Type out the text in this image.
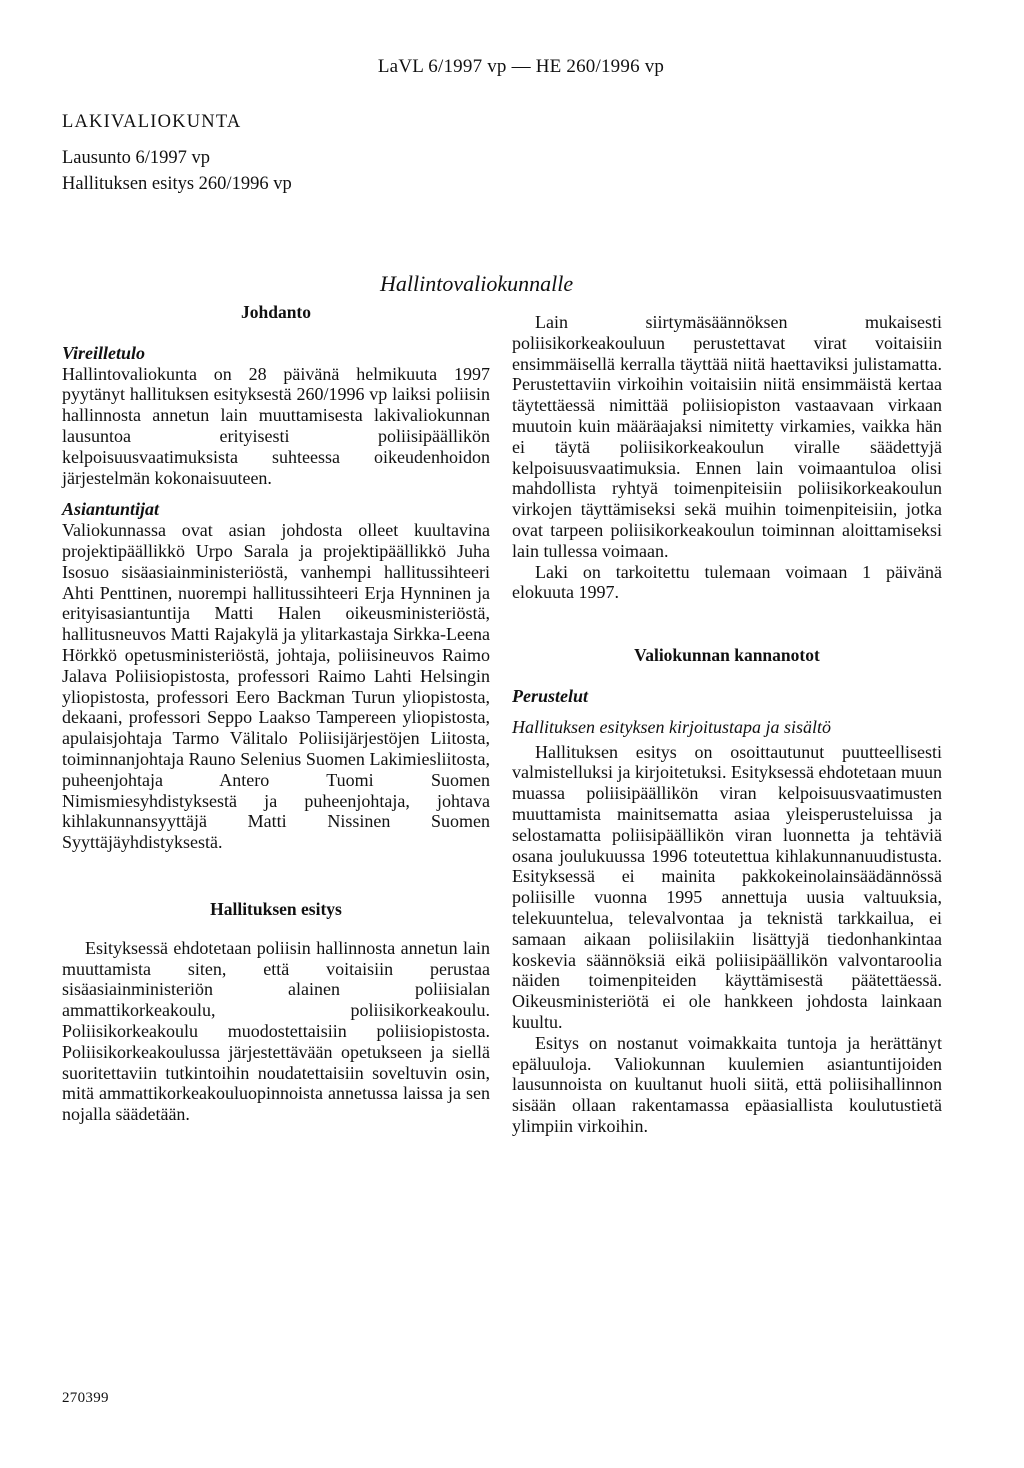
LaVL 6/1997 vp — HE 260/1996 vp
LAKIVALIOKUNTA
Lausunto 6/1997 vp
Hallituksen esitys 260/1996 vp
Hallintovaliokunnalle

Johdanto

Vireilletulo

Hallintovaliokunta on 28 päivänä helmikuuta 1997 pyytänyt hallituksen esityksestä 260/1996 vp laiksi poliisin hallinnosta annetun lain muuttamisesta lakivaliokunnan lausuntoa erityisesti poliisipäällikön kelpoisuusvaatimuksista suhteessa oikeudenhoidon järjestelmän kokonaisuuteen.

Asiantuntijat

Valiokunnassa ovat asian johdosta olleet kuultavina projektipäällikkö Urpo Sarala ja projektipäällikkö Juha Isosuo sisäasiainministeriöstä, vanhempi hallitussihteeri Ahti Penttinen, nuorempi hallitussihteeri Erja Hynninen ja erityisasiantuntija Matti Halen oikeusministeriöstä, hallitusneuvos Matti Rajakylä ja ylitarkastaja Sirkka-Leena Hörkkö opetusministeriöstä, johtaja, poliisineuvos Raimo Jalava Poliisiopistosta, professori Raimo Lahti Helsingin yliopistosta, professori Eero Backman Turun yliopistosta, dekaani, professori Seppo Laakso Tampereen yliopistosta, apulaisjohtaja Tarmo Välitalo Poliisijärjestöjen Liitosta, toiminnanjohtaja Rauno Selenius Suomen Lakimiesliitosta, puheenjohtaja Antero Tuomi Suomen Nimismiesyhdistyksestä ja puheenjohtaja, johtava kihlakunnansyyttäjä Matti Nissinen Suomen Syyttäjäyhdistyksestä.

Hallituksen esitys

Esityksessä ehdotetaan poliisin hallinnosta annetun lain muuttamista siten, että voitaisiin perustaa sisäasiainministeriön alainen poliisialan ammattikorkeakoulu, poliisikorkeakoulu. Poliisikorkeakoulu muodostettaisiin poliisiopistosta. Poliisikorkeakoulussa järjestettävään opetukseen ja siellä suoritettaviin tutkintoihin noudatettaisiin soveltuvin osin, mitä ammattikorkeakouluopinnoista annetussa laissa ja sen nojalla säädetään.

Lain siirtymäsäännöksen mukaisesti poliisikorkeakouluun perustettavat virat voitaisiin ensimmäisellä kerralla täyttää niitä haettaviksi julistamatta. Perustettaviin virkoihin voitaisiin niitä ensimmäistä kertaa täytettäessä nimittää poliisiopiston vastaavaan virkaan muutoin kuin määräajaksi nimitetty virkamies, vaikka hän ei täytä poliisikorkeakoulun viralle säädettyjä kelpoisuusvaatimuksia. Ennen lain voimaantuloa olisi mahdollista ryhtyä toimenpiteisiin poliisikorkeakoulun virkojen täyttämiseksi sekä muihin toimenpiteisiin, jotka ovat tarpeen poliisikorkeakoulun toiminnan aloittamiseksi lain tullessa voimaan.

Laki on tarkoitettu tulemaan voimaan 1 päivänä elokuuta 1997.

Valiokunnan kannanotot

Perustelut

Hallituksen esityksen kirjoitustapa ja sisältö

Hallituksen esitys on osoittautunut puutteellisesti valmistelluksi ja kirjoitetuksi. Esityksessä ehdotetaan muun muassa poliisipäällikön viran kelpoisuusvaatimusten muuttamista mainitsematta asiaa yleisperusteluissa ja selostamatta poliisipäällikön viran luonnetta ja tehtäviä osana joulukuussa 1996 toteutettua kihlakunnanuudistusta. Esityksessä ei mainita pakkokeinolainsäädännössä poliisille vuonna 1995 annettuja uusia valtuuksia, telekuuntelua, televalvontaa ja teknistä tarkkailua, ei samaan aikaan poliisilakiin lisättyjä tiedonhankintaa koskevia säännöksiä eikä poliisipäällikön valvontaroolia näiden toimenpiteiden käyttämisestä päätettäessä. Oikeusministeriötä ei ole hankkeen johdosta lainkaan kuultu.

Esitys on nostanut voimakkaita tuntoja ja herättänyt epäluuloja. Valiokunnan kuulemien asiantuntijoiden lausunnoista on kuultanut huoli siitä, että poliisihallinnon sisään ollaan rakentamassa epäasiallista koulutustietä ylimpiin virkoihin.

270399
